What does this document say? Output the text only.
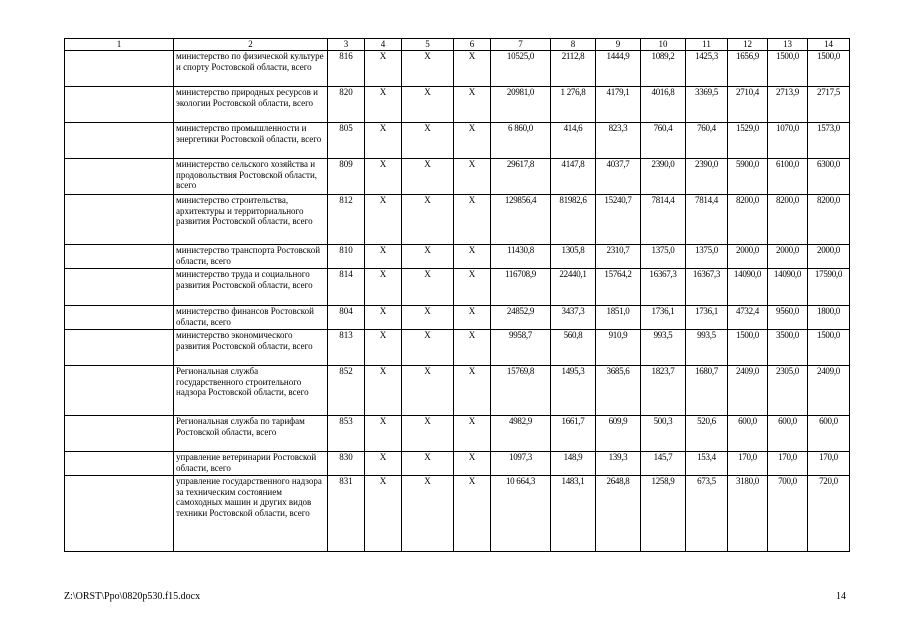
1	2	3	4	5	6	7	8	9	10	11	12	13	14
	министерство по физической культуре и спорту Ростовской области, всего	816	X	X	X	10525,0	2112,8	1444,9	1089,2	1425,3	1656,9	1500,0	1500,0
	министерство природных ресурсов и экологии Ростовской области, всего	820	X	X	X	20981,0	1 276,8	4179,1	4016,8	3369,5	2710,4	2713,9	2717,5
	министерство промышленности и энергетики Ростовской области, всего	805	X	X	X	6 860,0	414,6	823,3	760,4	760,4	1529,0	1070,0	1573,0
	министерство сельского хозяйства и продовольствия Ростовской области, всего	809	X	X	X	29617,8	4147,8	4037,7	2390,0	2390,0	5900,0	6100,0	6300,0
	министерство строительства, архитектуры и территориального развития Ростовской области, всего	812	X	X	X	129856,4	81982,6	15240,7	7814,4	7814,4	8200,0	8200,0	8200,0
	министерство транспорта Ростовской области, всего	810	X	X	X	11430,8	1305,8	2310,7	1375,0	1375,0	2000,0	2000,0	2000,0
	министерство труда и социального развития Ростовской области, всего	814	X	X	X	116708,9	22440,1	15764,2	16367,3	16367,3	14090,0	14090,0	17590,0
	министерство финансов Ростовской области, всего	804	X	X	X	24852,9	3437,3	1851,0	1736,1	1736,1	4732,4	9560,0	1800,0
	министерство экономического развития Ростовской области, всего	813	X	X	X	9958,7	560,8	910,9	993,5	993,5	1500,0	3500,0	1500,0
	Региональная служба государственного строительного надзора Ростовской области, всего	852	X	X	X	15769,8	1495,3	3685,6	1823,7	1680,7	2409,0	2305,0	2409,0
	Региональная служба по тарифам Ростовской области, всего	853	X	X	X	4982,9	1661,7	609,9	500,3	520,6	600,0	600,0	600,0
	управление ветеринарии Ростовской области, всего	830	X	X	X	1097,3	148,9	139,3	145,7	153,4	170,0	170,0	170,0
	управление государственного надзора за техническим состоянием самоходных машин и других видов техники Ростовской области, всего	831	X	X	X	10 664,3	1483,1	2648,8	1258,9	673,5	3180,0	700,0	720,0
Z:\ORST\Ppo\0820p530.f15.docx	14
